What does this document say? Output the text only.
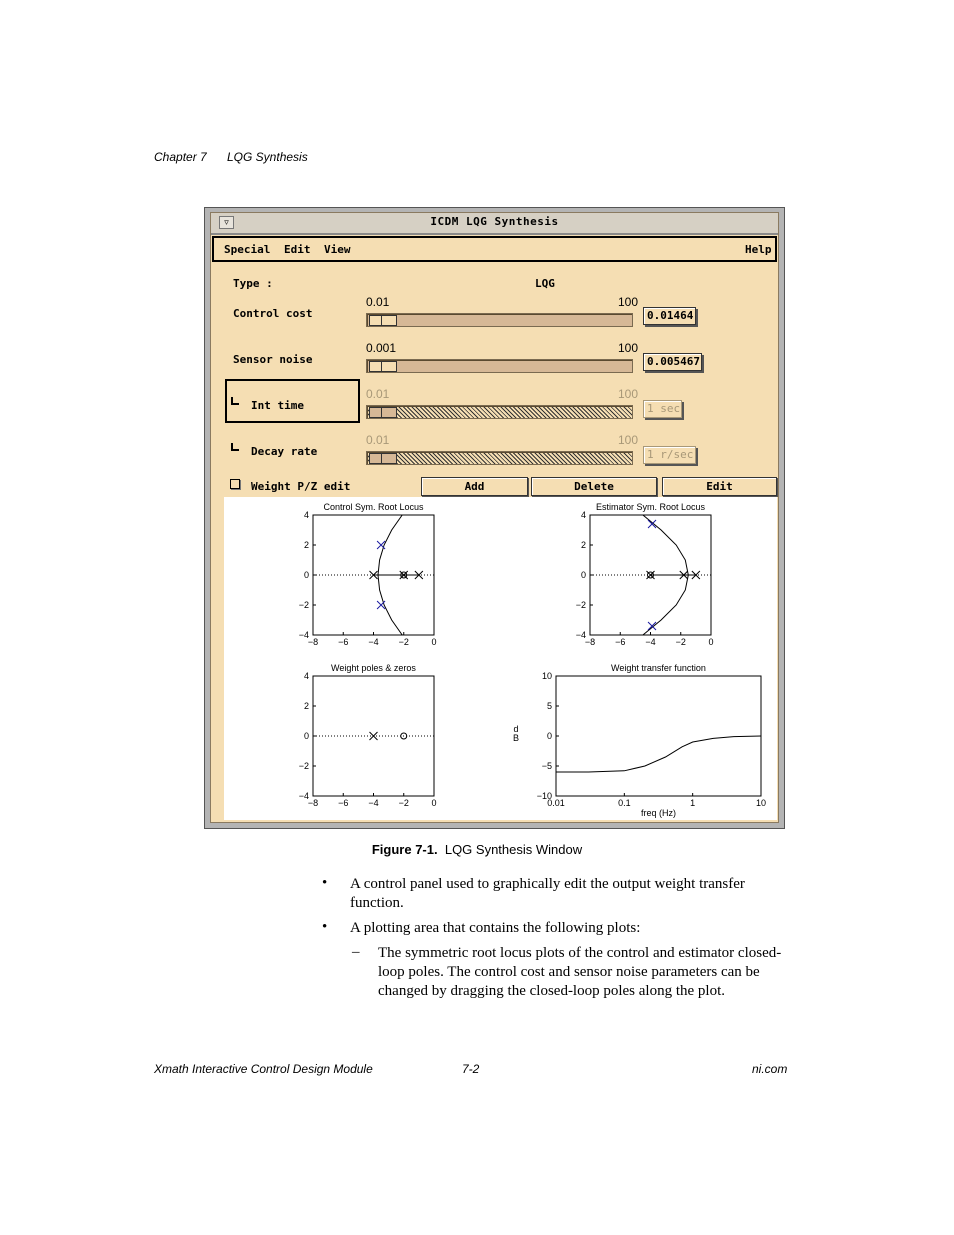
Chapter 7 LQG Synthesis
▿	ICDM LQG Synthesis
Special Edit View	Help
Type :	LQG
Control cost
0.01	100
0.01464
Sensor noise
0.001	100
0.005467
Int time
0.01	100
1 sec
Decay rate
0.01	100
1 r/sec
Weight P/Z edit	Add	Delete	Edit
Control Sym. Root Locus
4
2
0
−2
−4
−8 −6 −4 −2	0
Estimator Sym. Root Locus
4
2
0
−2
−4
−8 −6 −4 −2	0
Weight poles & zeros
4
2
0
−2
−4
−8 −6 −4 −2	0
Weight transfer function
10
5
0
−5
−10
0.01	0.1	1	10
freq (Hz)
d
B
Figure 7-1. LQG Synthesis Window
• A control panel used to graphically edit the output weight transfer function.
• A plotting area that contains the following plots:
– The symmetric root locus plots of the control and estimator closed-loop poles. The control cost and sensor noise parameters can be changed by dragging the closed-loop poles along the plot.
Xmath Interactive Control Design Module	7-2	ni.com
